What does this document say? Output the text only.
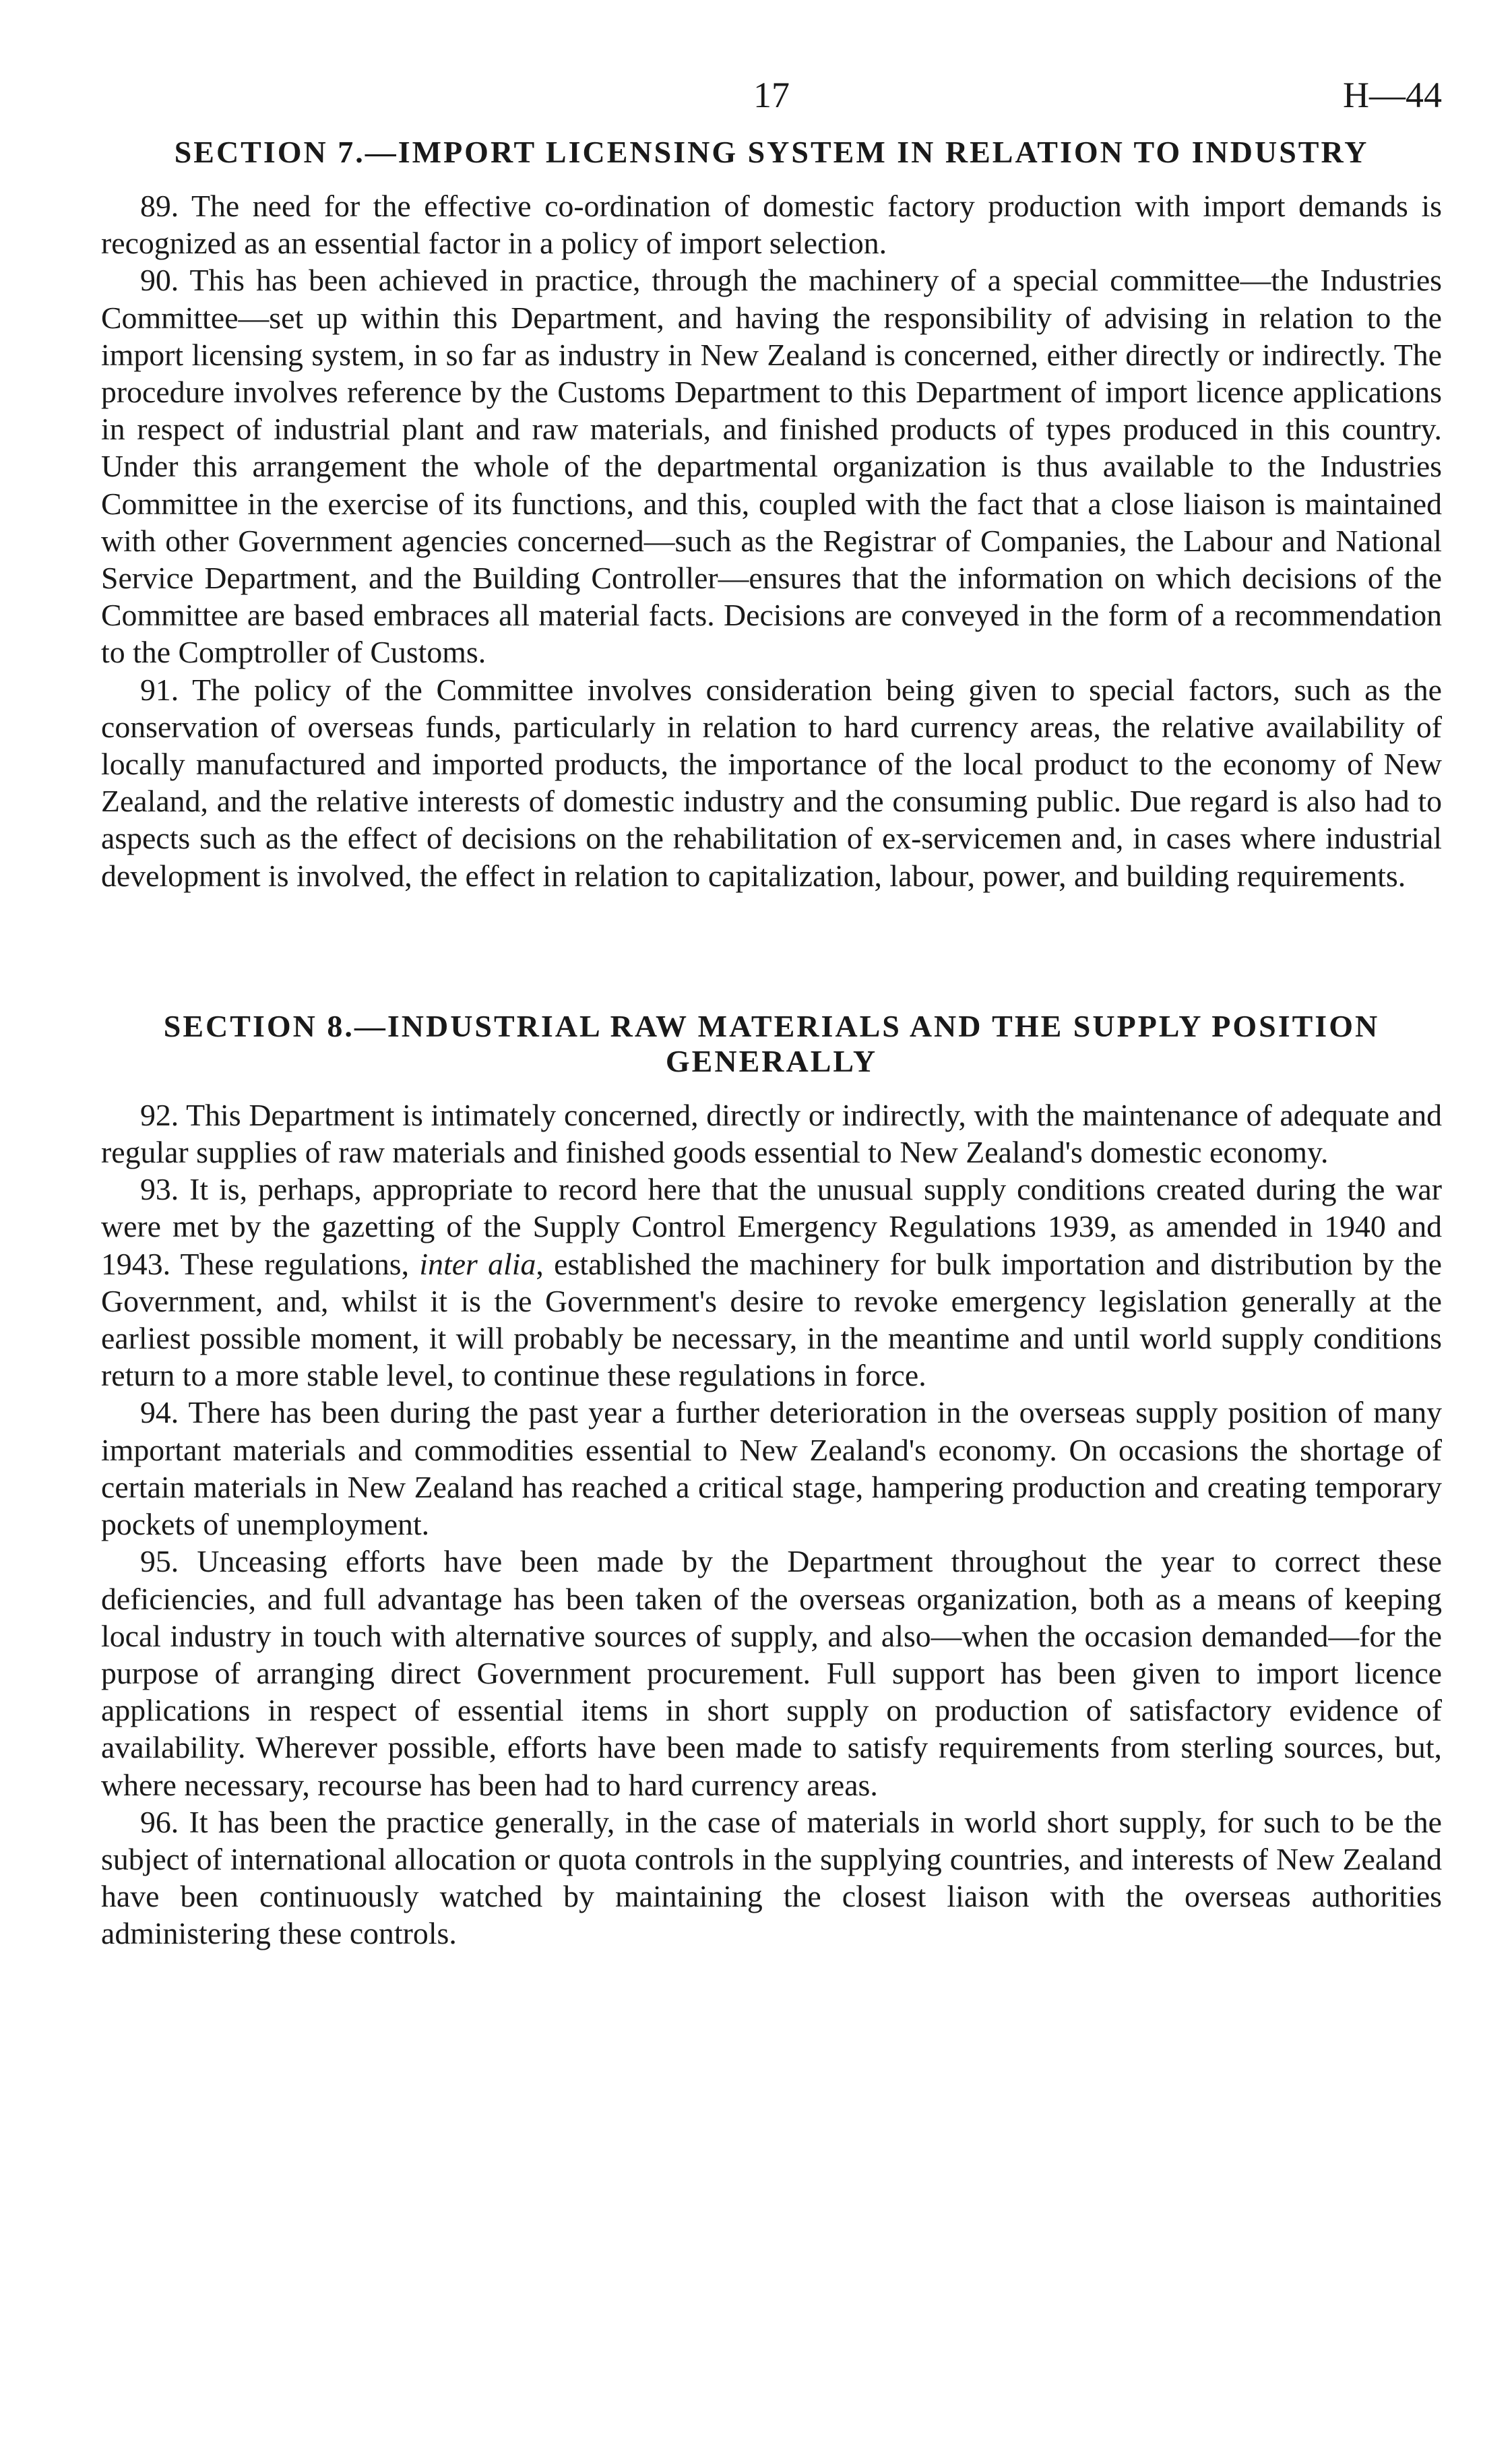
17	H—44
SECTION 7.—IMPORT LICENSING SYSTEM IN RELATION TO INDUSTRY

89. The need for the effective co-ordination of domestic factory production with import demands is recognized as an essential factor in a policy of import selection.

90. This has been achieved in practice, through the machinery of a special committee—the Industries Committee—set up within this Department, and having the responsibility of advising in relation to the import licensing system, in so far as industry in New Zealand is concerned, either directly or indirectly. The procedure involves reference by the Customs Department to this Department of import licence applications in respect of industrial plant and raw materials, and finished products of types produced in this country. Under this arrangement the whole of the departmental organization is thus available to the Industries Committee in the exercise of its functions, and this, coupled with the fact that a close liaison is maintained with other Government agencies concerned—such as the Registrar of Companies, the Labour and National Service Department, and the Building Controller—ensures that the information on which decisions of the Committee are based embraces all material facts. Decisions are conveyed in the form of a recommendation to the Comptroller of Customs.

91. The policy of the Committee involves consideration being given to special factors, such as the conservation of overseas funds, particularly in relation to hard currency areas, the relative availability of locally manufactured and imported products, the importance of the local product to the economy of New Zealand, and the relative interests of domestic industry and the consuming public. Due regard is also had to aspects such as the effect of decisions on the rehabilitation of ex-servicemen and, in cases where industrial development is involved, the effect in relation to capitalization, labour, power, and building requirements.

SECTION 8.—INDUSTRIAL RAW MATERIALS AND THE SUPPLY POSITION GENERALLY

92. This Department is intimately concerned, directly or indirectly, with the maintenance of adequate and regular supplies of raw materials and finished goods essential to New Zealand's domestic economy.

93. It is, perhaps, appropriate to record here that the unusual supply conditions created during the war were met by the gazetting of the Supply Control Emergency Regulations 1939, as amended in 1940 and 1943. These regulations, inter alia, established the machinery for bulk importation and distribution by the Government, and, whilst it is the Government's desire to revoke emergency legislation generally at the earliest possible moment, it will probably be necessary, in the meantime and until world supply conditions return to a more stable level, to continue these regulations in force.

94. There has been during the past year a further deterioration in the overseas supply position of many important materials and commodities essential to New Zealand's economy. On occasions the shortage of certain materials in New Zealand has reached a critical stage, hampering production and creating temporary pockets of unemployment.

95. Unceasing efforts have been made by the Department throughout the year to correct these deficiencies, and full advantage has been taken of the overseas organization, both as a means of keeping local industry in touch with alternative sources of supply, and also—when the occasion demanded—for the purpose of arranging direct Government procurement. Full support has been given to import licence applications in respect of essential items in short supply on production of satisfactory evidence of availability. Wherever possible, efforts have been made to satisfy requirements from sterling sources, but, where necessary, recourse has been had to hard currency areas.

96. It has been the practice generally, in the case of materials in world short supply, for such to be the subject of international allocation or quota controls in the supplying countries, and interests of New Zealand have been continuously watched by maintaining the closest liaison with the overseas authorities administering these controls.
